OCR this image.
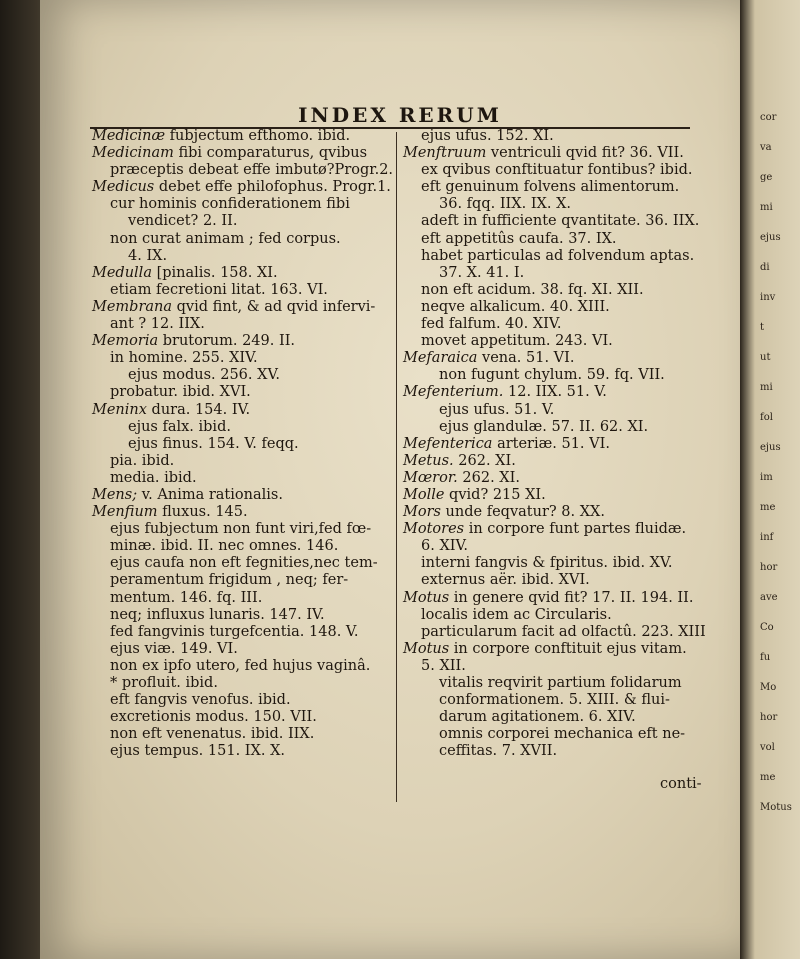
cor
va
ge
mi
ejus
di
inv
t
ut
mi
fol
ejus
im
me
inf
hor
ave
Co
fu
Mo
hor
vol
me
Motus
INDEX RERUM
Medicinæ fubjectum efthomo. ibid.
Medicinam fibi comparaturus, qvibus
præceptis debeat effe imbutø?Progr.2.
Medicus debet effe philofophus. Progr.1.
cur hominis confiderationem fibi
vendicet? 2. II.
non curat animam ; fed corpus.
4. IX.
Medulla [pinalis. 158. XI.
etiam fecretioni litat. 163. VI.
Membrana qvid fint, & ad qvid infervi-
ant ? 12. IIX.
Memoria brutorum. 249. II.
in homine. 255. XIV.
ejus modus. 256. XV.
probatur. ibid. XVI.
Meninx dura. 154. IV.
ejus falx. ibid.
ejus finus. 154. V. feqq.
pia. ibid.
media. ibid.
Mens; v. Anima rationalis.
Menfium fluxus. 145.
ejus fubjectum non funt viri,fed fœ-
minæ. ibid. II. nec omnes. 146.
ejus caufa non eft fegnities,nec tem-
peramentum frigidum , neq; fer-
mentum. 146. fq. III.
neq; influxus lunaris. 147. IV.
fed fangvinis turgefcentia. 148. V.
ejus viæ. 149. VI.
non ex ipfo utero, fed hujus vaginâ.
* profluit. ibid.
eft fangvis venofus. ibid.
excretionis modus. 150. VII.
non eft venenatus. ibid. IIX.
ejus tempus. 151. IX. X.
ejus ufus. 152. XI.
Menftruum ventriculi qvid fit? 36. VII.
ex qvibus conftituatur fontibus? ibid.
eft genuinum folvens alimentorum.
36. fqq. IIX. IX. X.
adeft in fufficiente qvantitate. 36. IIX.
eft appetitûs caufa. 37. IX.
habet particulas ad folvendum aptas.
37. X. 41. I.
non eft acidum. 38. fq. XI. XII.
neqve alkalicum. 40. XIII.
fed falfum. 40. XIV.
movet appetitum. 243. VI.
Mefaraica vena. 51. VI.
non fugunt chylum. 59. fq. VII.
Mefenterium. 12. IIX. 51. V.
ejus ufus. 51. V.
ejus glandulæ. 57. II. 62. XI.
Mefenterica arteriæ. 51. VI.
Metus. 262. XI.
Mœror. 262. XI.
Molle qvid? 215 XI.
Mors unde feqvatur? 8. XX.
Motores in corpore funt partes fluidæ.
6. XIV.
interni fangvis & fpiritus. ibid. XV.
externus aër. ibid. XVI.
Motus in genere qvid fit? 17. II. 194. II.
localis idem ac Circularis.
particularum facit ad olfactû. 223. XIII
Motus in corpore conftituit ejus vitam.
5. XII.
vitalis reqvirit partium folidarum
conformationem. 5. XIII. & flui-
darum agitationem. 6. XIV.
omnis corporei mechanica eft ne-
ceffitas. 7. XVII.
conti-
